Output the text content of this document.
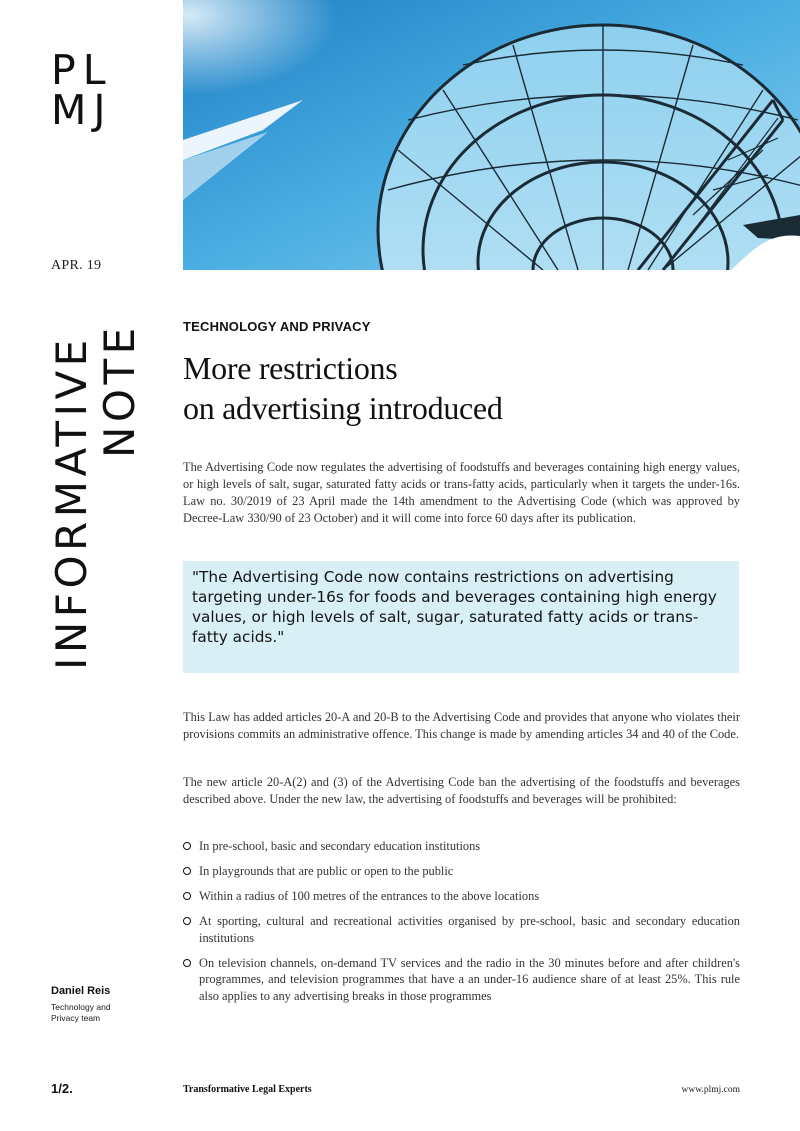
PL
MJ
APR. 19
INFORMATIVE NOTE	TECHNOLOGY AND PRIVACY
More restrictions
on advertising introduced

The Advertising Code now regulates the advertising of foodstuffs and beverages containing high energy values, or high levels of salt, sugar, saturated fatty acids or trans-fatty acids, particularly when it targets the under-16s. Law no. 30/2019 of 23 April made the 14th amendment to the Advertising Code (which was approved by Decree-Law 330/90 of 23 October) and it will come into force 60 days after its publication.

"The Advertising Code now contains restrictions on advertising targeting under-16s for foods and beverages containing high energy values, or high levels of salt, sugar, saturated fatty acids or trans-fatty acids."

This Law has added articles 20-A and 20-B to the Advertising Code and provides that anyone who violates their provisions commits an administrative offence. This change is made by amending articles 34 and 40 of the Code.

The new article 20-A(2) and (3) of the Advertising Code ban the advertising of the foodstuffs and beverages described above. Under the new law, the advertising of foodstuffs and beverages will be prohibited:

In pre-school, basic and secondary education institutions
In playgrounds that are public or open to the public
Within a radius of 100 metres of the entrances to the above locations
At sporting, cultural and recreational activities organised by pre-school, basic and secondary education institutions
On television channels, on-demand TV services and the radio in the 30 minutes before and after children's programmes, and television programmes that have a an under-16 audience share of at least 25%. This rule also applies to any advertising breaks in those programmes
Daniel Reis
Technology and Privacy team
1/2.	Transformative Legal Experts	www.plmj.com
